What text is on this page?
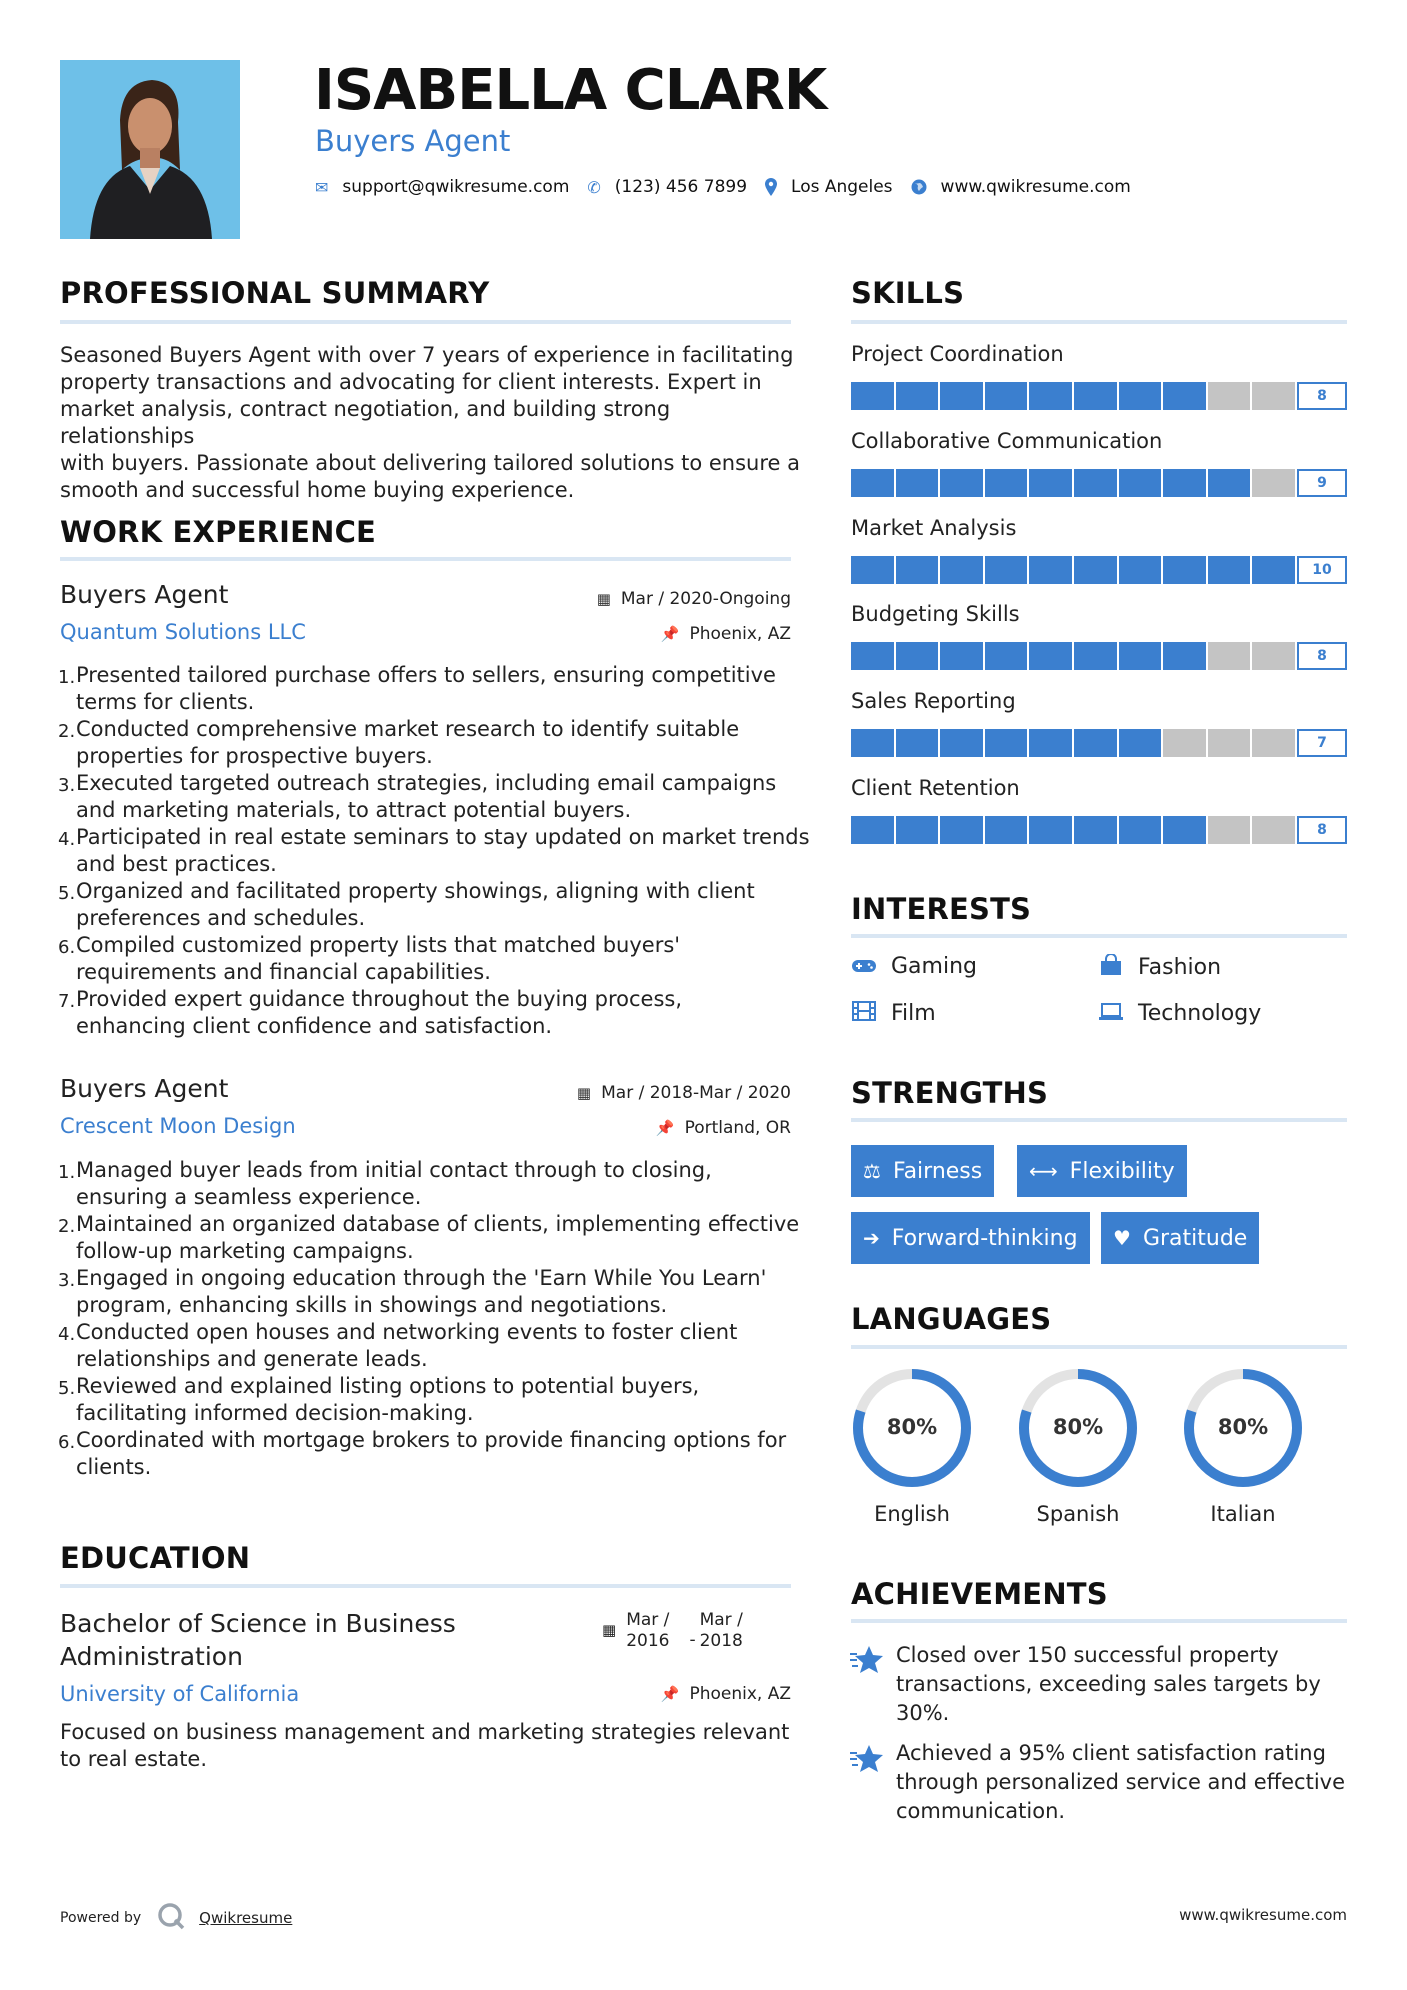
ISABELLA CLARK
Buyers Agent
✉ support@qwikresume.com ✆ (123) 456 7899	Los Angeles	www.qwikresume.com
PROFESSIONAL SUMMARY
Seasoned Buyers Agent with over 7 years of experience in facilitating
property transactions and advocating for client interests. Expert in
market analysis, contract negotiation, and building strong relationships
with buyers. Passionate about delivering tailored solutions to ensure a
smooth and successful home buying experience.
WORK EXPERIENCE
Buyers Agent
Quantum Solutions LLC
▦ Mar / 2020-Ongoing
📌 Phoenix, AZ
1. Presented tailored purchase offers to sellers, ensuring competitive
terms for clients.
2. Conducted comprehensive market research to identify suitable
properties for prospective buyers.
3. Executed targeted outreach strategies, including email campaigns
and marketing materials, to attract potential buyers.
4. Participated in real estate seminars to stay updated on market trends
and best practices.
5. Organized and facilitated property showings, aligning with client
preferences and schedules.
6. Compiled customized property lists that matched buyers'
requirements and financial capabilities.
7. Provided expert guidance throughout the buying process,
enhancing client confidence and satisfaction.
Buyers Agent
Crescent Moon Design
▦ Mar / 2018-Mar / 2020
📌 Portland, OR
1. Managed buyer leads from initial contact through to closing,
ensuring a seamless experience.
2. Maintained an organized database of clients, implementing effective
follow-up marketing campaigns.
3. Engaged in ongoing education through the 'Earn While You Learn'
program, enhancing skills in showings and negotiations.
4. Conducted open houses and networking events to foster client
relationships and generate leads.
5. Reviewed and explained listing options to potential buyers,
facilitating informed decision-making.
6. Coordinated with mortgage brokers to provide financing options for
clients.
EDUCATION
Bachelor of Science in Business
Administration
University of California
▦ Mar /
2016 -
Mar /
2018
📌 Phoenix, AZ
Focused on business management and marketing strategies relevant
to real estate.
SKILLS
Project Coordination
8
Collaborative Communication
9
Market Analysis
10
Budgeting Skills
8
Sales Reporting
7
Client Retention
8
INTERESTS
Gaming	Fashion
Film	Technology
STRENGTHS
⚖ Fairness ⟷ Flexibility
➔ Forward-thinking ♥ Gratitude
LANGUAGES
80%
English
80%
Spanish
80%
Italian
ACHIEVEMENTS
Closed over 150 successful property
transactions, exceeding sales targets by
30%.
Achieved a 95% client satisfaction rating
through personalized service and effective
communication.
Powered by	Qwikresume	www.qwikresume.com
